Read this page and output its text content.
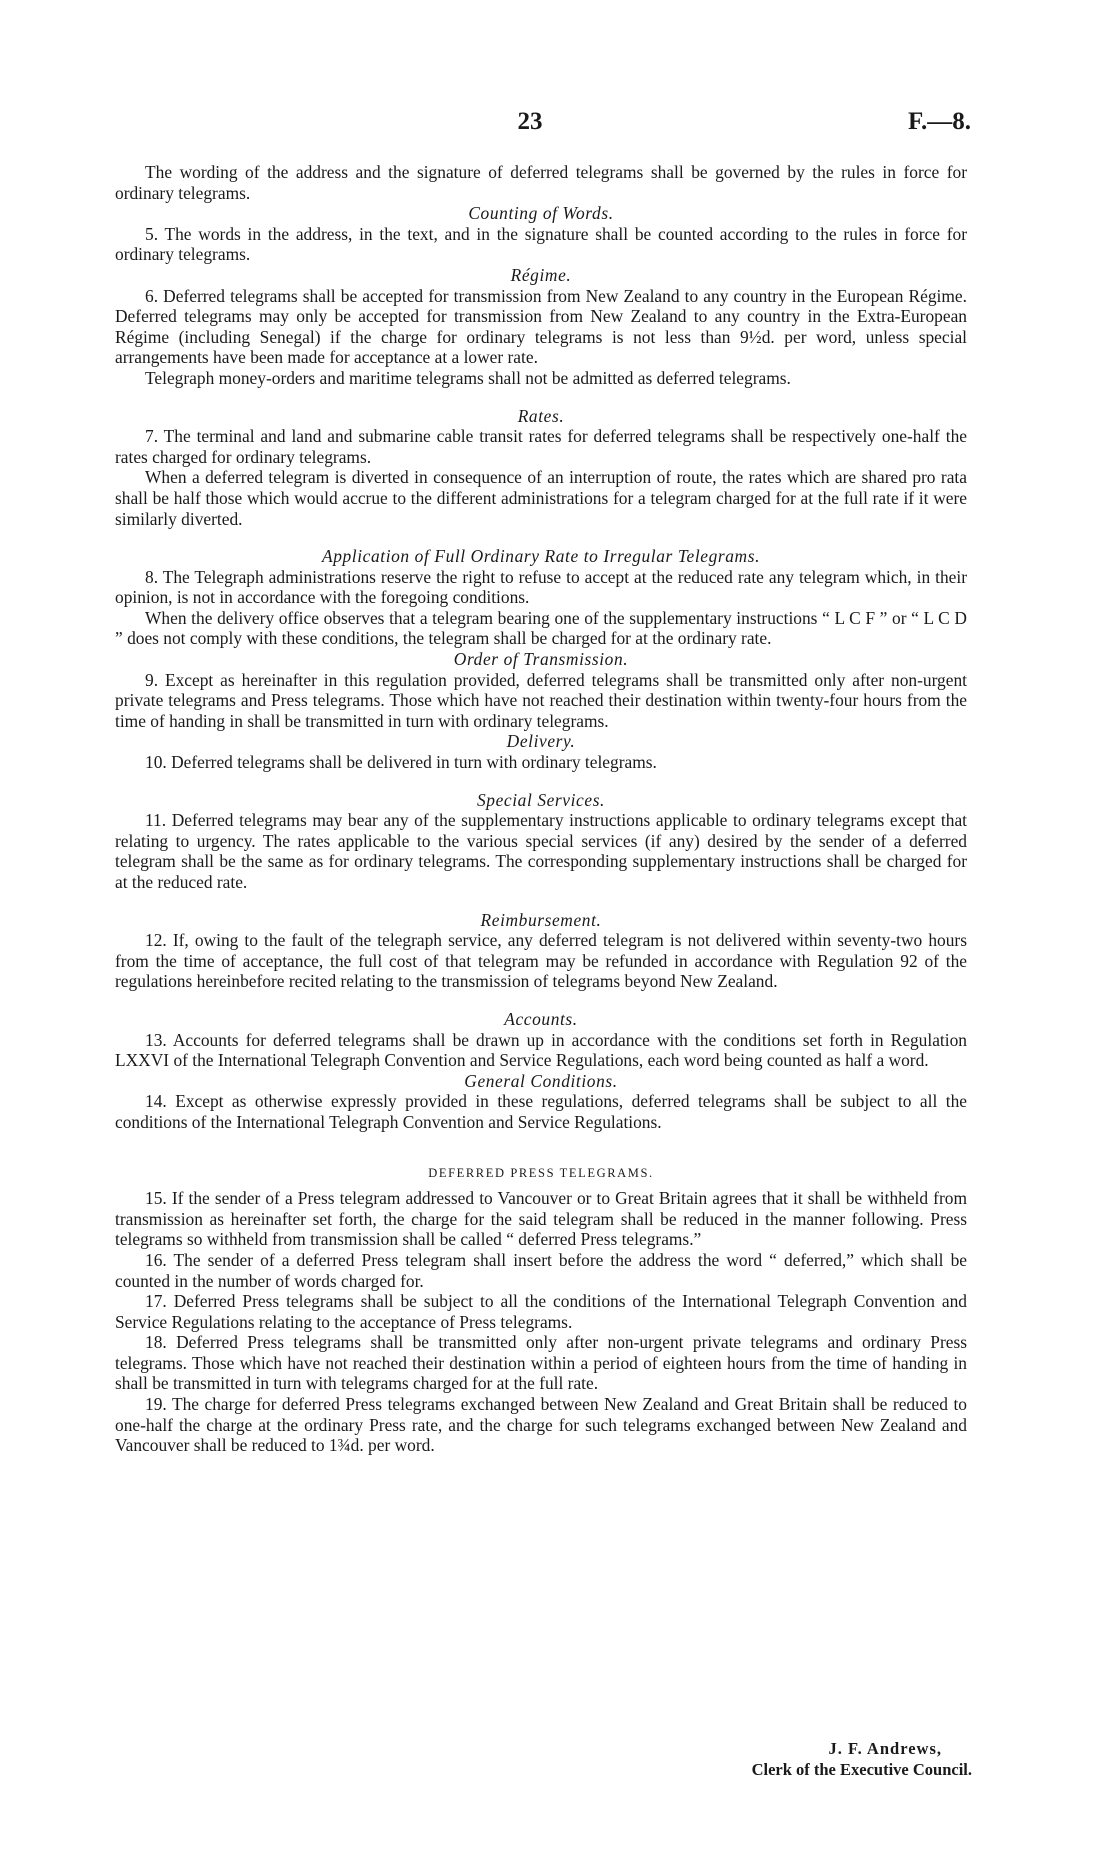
23	F.—8.

The wording of the address and the signature of deferred telegrams shall be governed by the rules in force for ordinary telegrams.

Counting of Words.

5. The words in the address, in the text, and in the signature shall be counted according to the rules in force for ordinary telegrams.

Régime.

6. Deferred telegrams shall be accepted for transmission from New Zealand to any country in the European Régime. Deferred telegrams may only be accepted for transmission from New Zealand to any country in the Extra-European Régime (including Senegal) if the charge for ordinary telegrams is not less than 9½d. per word, unless special arrangements have been made for acceptance at a lower rate.

Telegraph money-orders and maritime telegrams shall not be admitted as deferred telegrams.

Rates.

7. The terminal and land and submarine cable transit rates for deferred telegrams shall be respectively one-half the rates charged for ordinary telegrams.

When a deferred telegram is diverted in consequence of an interruption of route, the rates which are shared pro rata shall be half those which would accrue to the different administrations for a telegram charged for at the full rate if it were similarly diverted.

Application of Full Ordinary Rate to Irregular Telegrams.

8. The Telegraph administrations reserve the right to refuse to accept at the reduced rate any telegram which, in their opinion, is not in accordance with the foregoing conditions.

When the delivery office observes that a telegram bearing one of the supplementary instructions “ L C F ” or “ L C D ” does not comply with these conditions, the telegram shall be charged for at the ordinary rate.

Order of Transmission.

9. Except as hereinafter in this regulation provided, deferred telegrams shall be transmitted only after non-urgent private telegrams and Press telegrams. Those which have not reached their destination within twenty-four hours from the time of handing in shall be transmitted in turn with ordinary telegrams.

Delivery.

10. Deferred telegrams shall be delivered in turn with ordinary telegrams.

Special Services.

11. Deferred telegrams may bear any of the supplementary instructions applicable to ordinary telegrams except that relating to urgency. The rates applicable to the various special services (if any) desired by the sender of a deferred telegram shall be the same as for ordinary telegrams. The corresponding supplementary instructions shall be charged for at the reduced rate.

Reimbursement.

12. If, owing to the fault of the telegraph service, any deferred telegram is not delivered within seventy-two hours from the time of acceptance, the full cost of that telegram may be refunded in accordance with Regulation 92 of the regulations hereinbefore recited relating to the transmission of telegrams beyond New Zealand.

Accounts.

13. Accounts for deferred telegrams shall be drawn up in accordance with the conditions set forth in Regulation LXXVI of the International Telegraph Convention and Service Regulations, each word being counted as half a word.

General Conditions.

14. Except as otherwise expressly provided in these regulations, deferred telegrams shall be subject to all the conditions of the International Telegraph Convention and Service Regulations.

DEFERRED PRESS TELEGRAMS.

15. If the sender of a Press telegram addressed to Vancouver or to Great Britain agrees that it shall be withheld from transmission as hereinafter set forth, the charge for the said telegram shall be reduced in the manner following. Press telegrams so withheld from transmission shall be called “ deferred Press telegrams.”

16. The sender of a deferred Press telegram shall insert before the address the word “ deferred,” which shall be counted in the number of words charged for.

17. Deferred Press telegrams shall be subject to all the conditions of the International Telegraph Convention and Service Regulations relating to the acceptance of Press telegrams.

18. Deferred Press telegrams shall be transmitted only after non-urgent private telegrams and ordinary Press telegrams. Those which have not reached their destination within a period of eighteen hours from the time of handing in shall be transmitted in turn with telegrams charged for at the full rate.

19. The charge for deferred Press telegrams exchanged between New Zealand and Great Britain shall be reduced to one-half the charge at the ordinary Press rate, and the charge for such telegrams exchanged between New Zealand and Vancouver shall be reduced to 1¾d. per word.

J. F. Andrews,
Clerk of the Executive Council.
